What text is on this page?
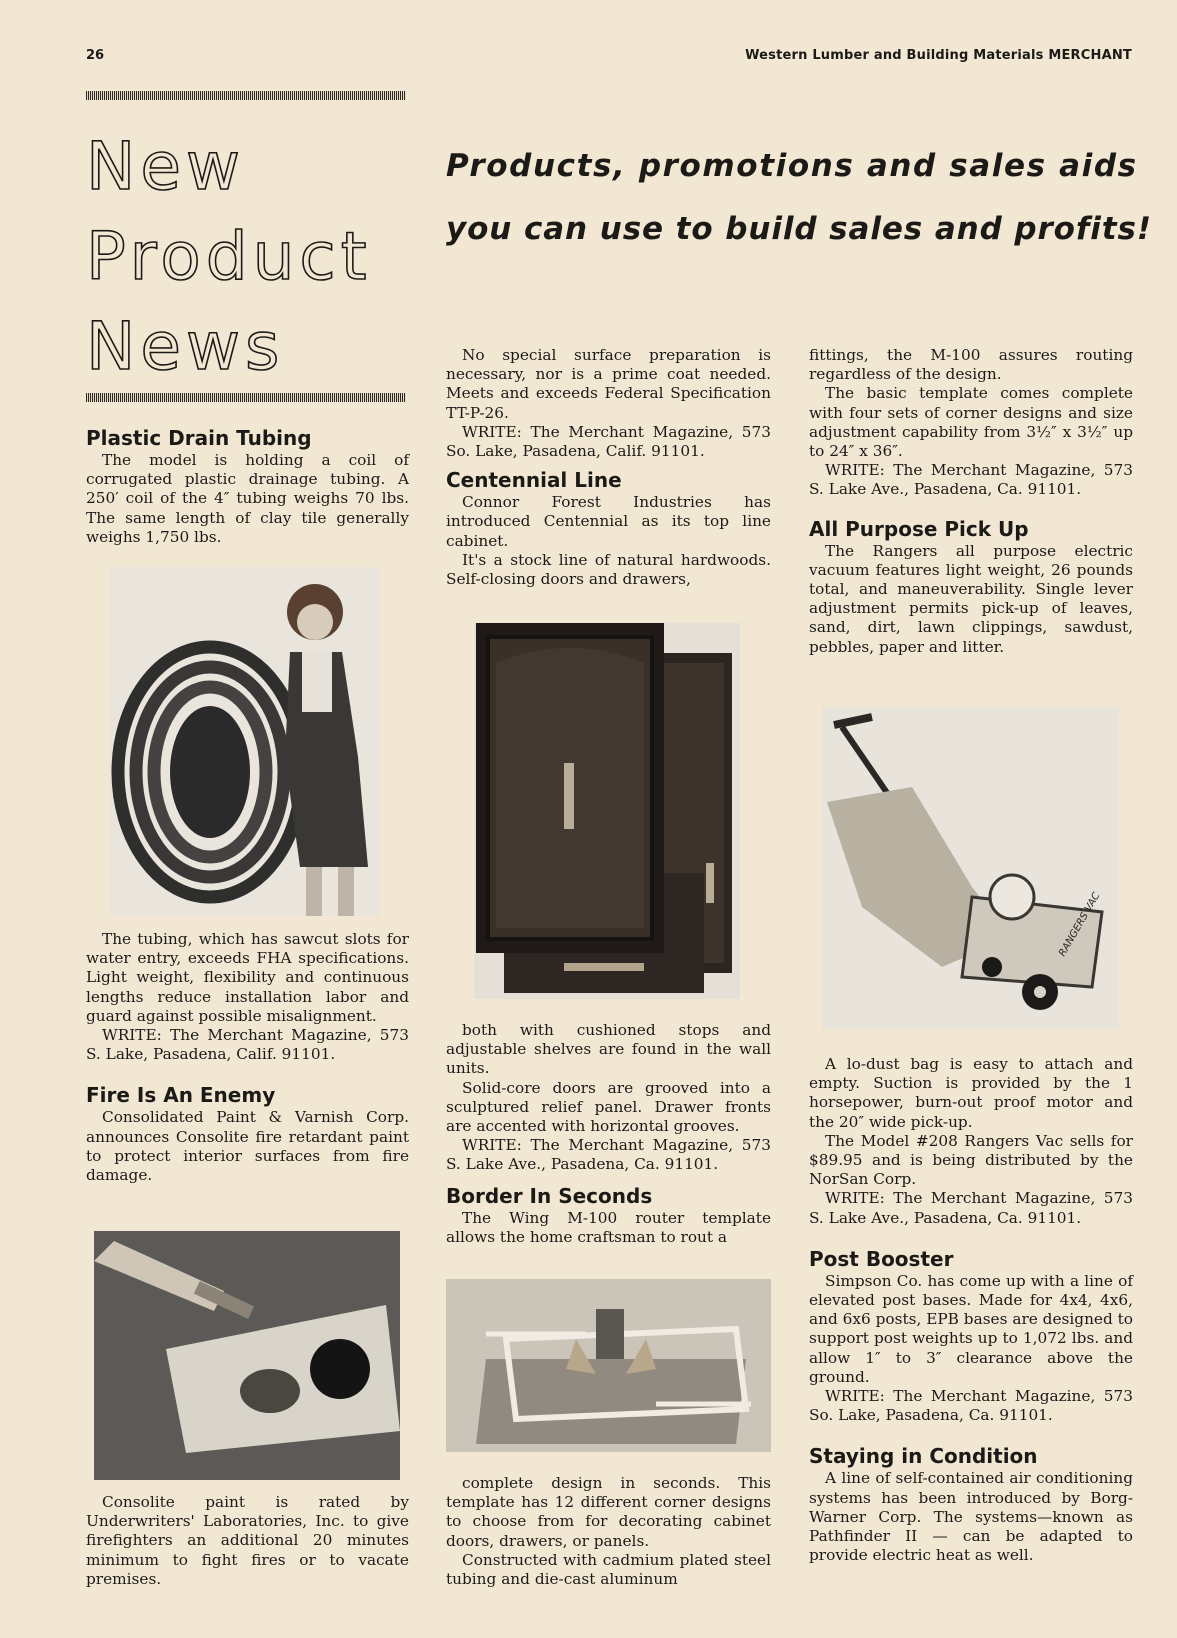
26	Western Lumber and Building Materials MERCHANT
New
Product
News
Products, promotions and sales aids
you can use to build sales and profits!
Plastic Drain Tubing

The model is holding a coil of corrugated plastic drainage tubing. A 250′ coil of the 4″ tubing weighs 70 lbs. The same length of clay tile generally weighs 1,750 lbs.

The tubing, which has sawcut slots for water entry, exceeds FHA specifications. Light weight, flexibility and continuous lengths reduce installation labor and guard against possible misalignment.

WRITE: The Merchant Magazine, 573 S. Lake, Pasadena, Calif. 91101.

Fire Is An Enemy

Consolidated Paint & Varnish Corp. announces Consolite fire retardant paint to protect interior surfaces from fire damage.

Consolite paint is rated by Underwriters' Laboratories, Inc. to give firefighters an additional 20 minutes minimum to fight fires or to vacate premises.

No special surface preparation is necessary, nor is a prime coat needed. Meets and exceeds Federal Specification TT-P-26.

WRITE: The Merchant Magazine, 573 So. Lake, Pasadena, Calif. 91101.

Centennial Line

Connor Forest Industries has introduced Centennial as its top line cabinet.

It's a stock line of natural hardwoods. Self-closing doors and drawers,

both with cushioned stops and adjustable shelves are found in the wall units.

Solid-core doors are grooved into a sculptured relief panel. Drawer fronts are accented with horizontal grooves.

WRITE: The Merchant Magazine, 573 S. Lake Ave., Pasadena, Ca. 91101.

Border In Seconds

The Wing M-100 router template allows the home craftsman to rout a

complete design in seconds. This template has 12 different corner designs to choose from for decorating cabinet doors, drawers, or panels.

Constructed with cadmium plated steel tubing and die-cast aluminum

fittings, the M-100 assures routing regardless of the design.

The basic template comes complete with four sets of corner designs and size adjustment capability from 3½″ x 3½″ up to 24″ x 36″.

WRITE: The Merchant Magazine, 573 S. Lake Ave., Pasadena, Ca. 91101.

All Purpose Pick Up

The Rangers all purpose electric vacuum features light weight, 26 pounds total, and maneuverability. Single lever adjustment permits pick-up of leaves, sand, dirt, lawn clippings, sawdust, pebbles, paper and litter.

RANGERS VAC

A lo-dust bag is easy to attach and empty. Suction is provided by the 1 horsepower, burn-out proof motor and the 20″ wide pick-up.

The Model #208 Rangers Vac sells for $89.95 and is being distributed by the NorSan Corp.

WRITE: The Merchant Magazine, 573 S. Lake Ave., Pasadena, Ca. 91101.

Post Booster

Simpson Co. has come up with a line of elevated post bases. Made for 4x4, 4x6, and 6x6 posts, EPB bases are designed to support post weights up to 1,072 lbs. and allow 1″ to 3″ clearance above the ground.

WRITE: The Merchant Magazine, 573 So. Lake, Pasadena, Ca. 91101.

Staying in Condition

A line of self-contained air conditioning systems has been introduced by Borg-Warner Corp. The systems—known as Pathfinder II — can be adapted to provide electric heat as well.
